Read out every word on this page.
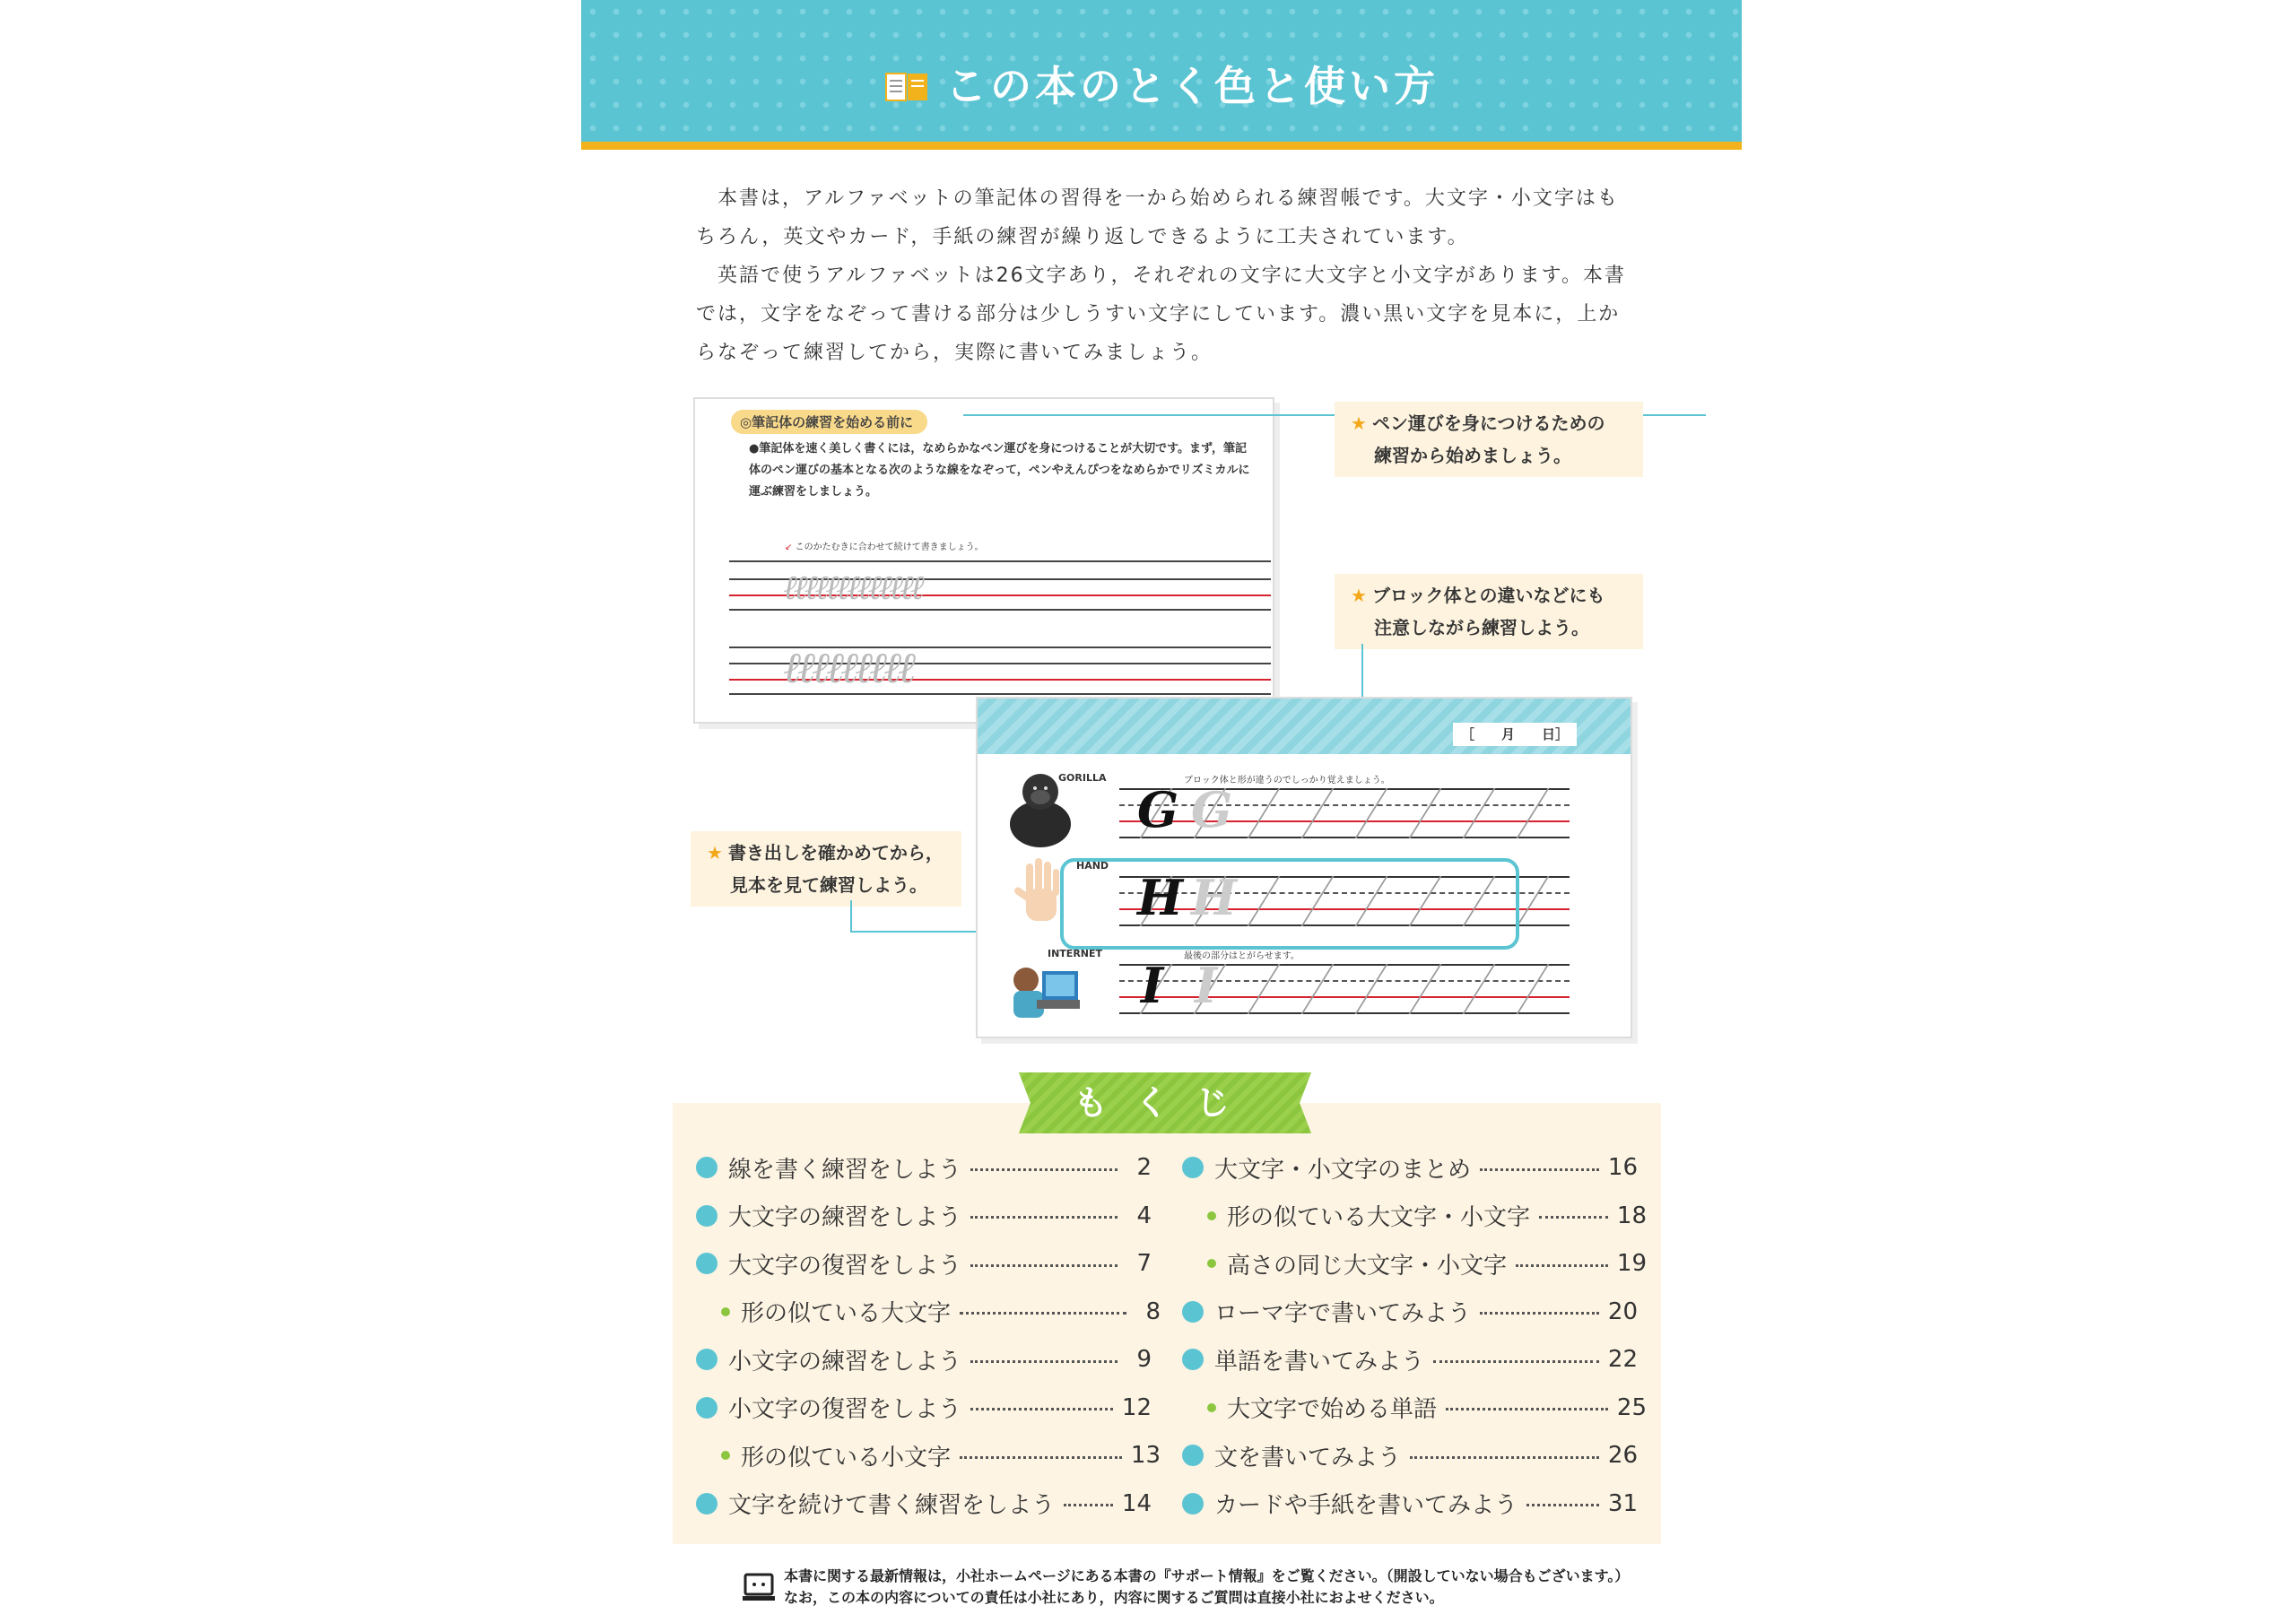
この本のとく色と使い方

本書は，アルファベットの筆記体の習得を一から始められる練習帳です。大文字・小文字はもちろん，英文やカード，手紙の練習が繰り返しできるように工夫されています。

英語で使うアルファベットは26文字あり，それぞれの文字に大文字と小文字があります。本書では，文字をなぞって書ける部分は少しうすい文字にしています。濃い黒い文字を見本に，上からなぞって練習してから，実際に書いてみましょう。

◎筆記体の練習を始める前に
●筆記体を速く美しく書くには，なめらかなペン運びを身につけることが大切です。まず，筆記体のペン運びの基本となる次のような線をなぞって，ペンやえんぴつをなめらかでリズミカルに運ぶ練習をしましょう。
↙ このかたむきに合わせて続けて書きましょう。
ℓℓℓℓℓℓℓℓℓℓℓℓℓ
ℓℓℓℓℓℓℓℓℓ
★ ペン運びを身につけるための
練習から始めましょう。
★ ブロック体との違いなどにも
注意しながら練習しよう。
★ 書き出しを確かめてから，
見本を見て練習しよう。
［　　月　　日］
GORILLA	ブロック体と形が違うのでしっかり覚えましょう。
G G
HAND
H H
INTERNET	最後の部分はとがらせます。
I I
もくじ
本書に関する最新情報は，小社ホームページにある本書の『サポート情報』をご覧ください。（開設していない場合もございます。）
なお，この本の内容についての責任は小社にあり，内容に関するご質問は直接小社におよせください。
線を書く練習をしよう	2
大文字の練習をしよう	4
大文字の復習をしよう	7
形の似ている大文字	8
小文字の練習をしよう	9
小文字の復習をしよう	12
形の似ている小文字	13
文字を続けて書く練習をしよう	14
大文字・小文字のまとめ	16
形の似ている大文字・小文字	18
高さの同じ大文字・小文字	19
ローマ字で書いてみよう	20
単語を書いてみよう	22
大文字で始める単語	25
文を書いてみよう	26
カードや手紙を書いてみよう	31
